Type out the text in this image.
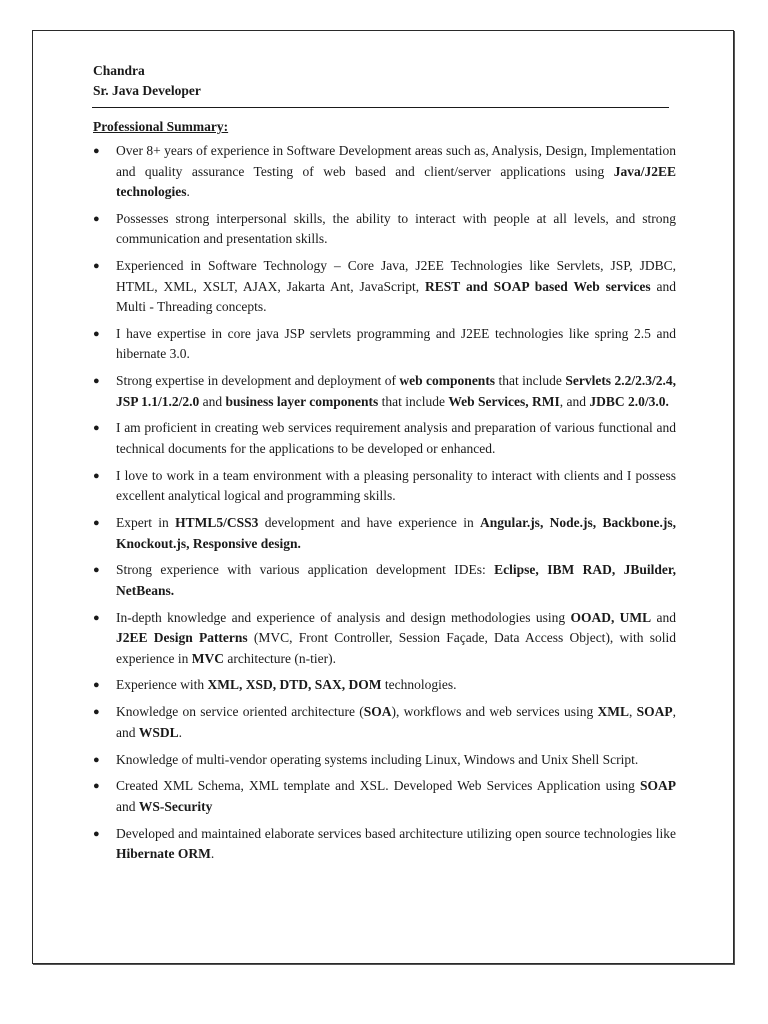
Chandra
Sr. Java Developer
Professional Summary:
● Over 8+ years of experience in Software Development areas such as, Analysis, Design, Implementation and quality assurance Testing of web based and client/server applications using Java/J2EE technologies.
● Possesses strong interpersonal skills, the ability to interact with people at all levels, and strong communication and presentation skills.
● Experienced in Software Technology – Core Java, J2EE Technologies like Servlets, JSP, JDBC, HTML, XML, XSLT, AJAX, Jakarta Ant, JavaScript, REST and SOAP based Web services and Multi - Threading concepts.
● I have expertise in core java JSP servlets programming and J2EE technologies like spring 2.5 and hibernate 3.0.
● Strong expertise in development and deployment of web components that include Servlets 2.2/2.3/2.4, JSP 1.1/1.2/2.0 and business layer components that include Web Services, RMI, and JDBC 2.0/3.0.
● I am proficient in creating web services requirement analysis and preparation of various functional and technical documents for the applications to be developed or enhanced.
● I love to work in a team environment with a pleasing personality to interact with clients and I possess excellent analytical logical and programming skills.
● Expert in HTML5/CSS3 development and have experience in Angular.js, Node.js, Backbone.js, Knockout.js, Responsive design.
● Strong experience with various application development IDEs: Eclipse, IBM RAD, JBuilder, NetBeans.
● In-depth knowledge and experience of analysis and design methodologies using OOAD, UML and J2EE Design Patterns (MVC, Front Controller, Session Façade, Data Access Object), with solid experience in MVC architecture (n-tier).
● Experience with XML, XSD, DTD, SAX, DOM technologies.
● Knowledge on service oriented architecture (SOA), workflows and web services using XML, SOAP, and WSDL.
● Knowledge of multi-vendor operating systems including Linux, Windows and Unix Shell Script.
● Created XML Schema, XML template and XSL. Developed Web Services Application using SOAP and WS-Security
● Developed and maintained elaborate services based architecture utilizing open source technologies like Hibernate ORM.
